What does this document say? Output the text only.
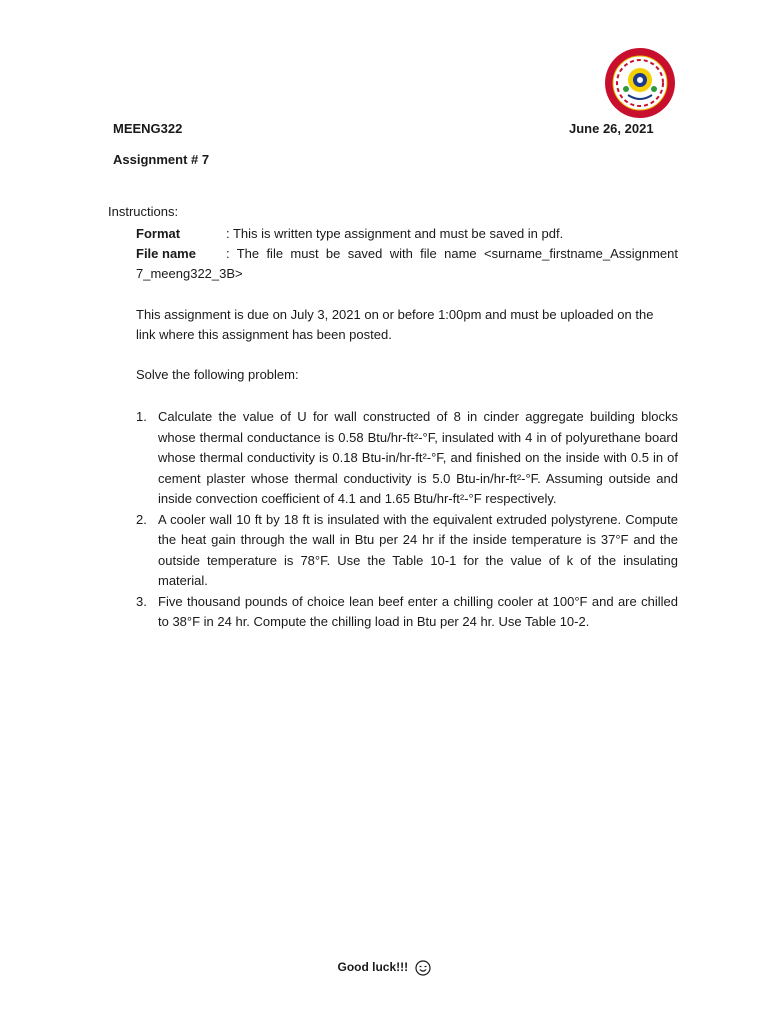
MEENG322	June 26, 2021
Assignment # 7
Instructions:
Format	: This is written type assignment and must be saved in pdf.
File name	: The file must be saved with file name <surname_firstname_Assignment 7_meeng322_3B>
This assignment is due on July 3, 2021 on or before 1:00pm and must be uploaded on the link where this assignment has been posted.
Solve the following problem:
1. Calculate the value of U for wall constructed of 8 in cinder aggregate building blocks whose thermal conductance is 0.58 Btu/hr-ft²-°F, insulated with 4 in of polyurethane board whose thermal conductivity is 0.18 Btu-in/hr-ft²-°F, and finished on the inside with 0.5 in of cement plaster whose thermal conductivity is 5.0 Btu-in/hr-ft²-°F. Assuming outside and inside convection coefficient of 4.1 and 1.65 Btu/hr-ft²-°F respectively.
2. A cooler wall 10 ft by 18 ft is insulated with the equivalent extruded polystyrene. Compute the heat gain through the wall in Btu per 24 hr if the inside temperature is 37°F and the outside temperature is 78°F. Use the Table 10-1 for the value of k of the insulating material.
3. Five thousand pounds of choice lean beef enter a chilling cooler at 100°F and are chilled to 38°F in 24 hr. Compute the chilling load in Btu per 24 hr. Use Table 10-2.
Good luck!!!
